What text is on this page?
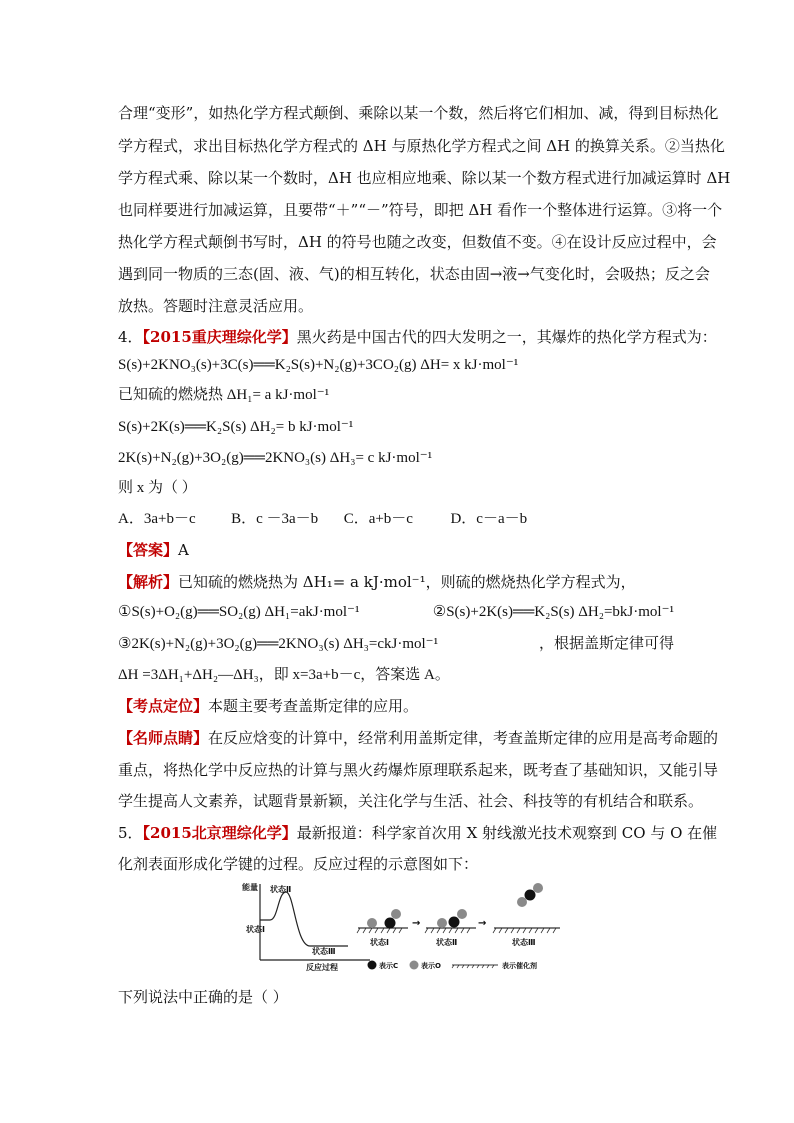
合理“变形”，如热化学方程式颠倒、乘除以某一个数，然后将它们相加、减，得到目标热化
学方程式，求出目标热化学方程式的 ΔH 与原热化学方程式之间 ΔH 的换算关系。②当热化
学方程式乘、除以某一个数时，ΔH 也应相应地乘、除以某一个数方程式进行加减运算时 ΔH
也同样要进行加减运算，且要带“＋”“－”符号，即把 ΔH 看作一个整体进行运算。③将一个
热化学方程式颠倒书写时，ΔH 的符号也随之改变，但数值不变。④在设计反应过程中，会
遇到同一物质的三态(固、液、气)的相互转化，状态由固→液→气变化时，会吸热；反之会
放热。答题时注意灵活应用。
4．【2015重庆理综化学】黑火药是中国古代的四大发明之一，其爆炸的热化学方程式为：
S(s)+2KNO₃(s)+3C(s)══K₂S(s)+N₂(g)+3CO₂(g) ΔH= x kJ·mol⁻¹
已知硫的燃烧热 ΔH₁= a kJ·mol⁻¹
S(s)+2K(s)══K₂S(s) ΔH₂= b kJ·mol⁻¹
2K(s)+N₂(g)+3O₂(g)══2KNO₃(s) ΔH₃= c kJ·mol⁻¹
则 x 为（ ）
A．3a+b－c B．c －3a－b C．a+b－c	D．c－a－b
【答案】A
【解析】已知硫的燃烧热为 ΔH₁= a kJ·mol⁻¹，则硫的燃烧热化学方程式为，
①S(s)+O₂(g)══SO₂(g) ΔH₁=akJ·mol⁻¹	②S(s)+2K(s)══K₂S(s) ΔH₂=bkJ·mol⁻¹
③2K(s)+N₂(g)+3O₂(g)══2KNO₃(s) ΔH₃=ckJ·mol⁻¹	，根据盖斯定律可得
ΔH =3ΔH₁+ΔH₂—ΔH₃，即 x=3a+b－c，答案选 A。
【考点定位】本题主要考查盖斯定律的应用。
【名师点睛】在反应焓变的计算中，经常利用盖斯定律，考查盖斯定律的应用是高考命题的
重点，将热化学中反应热的计算与黑火药爆炸原理联系起来，既考查了基础知识，又能引导
学生提高人文素养，试题背景新颖，关注化学与生活、社会、科技等的有机结合和联系。
5．【2015北京理综化学】最新报道：科学家首次用 X 射线激光技术观察到 CO 与 O 在催
化剂表面形成化学键的过程。反应过程的示意图如下：
能量 状态Ⅱ
状态Ⅰ
状态Ⅲ
反应过程
状态Ⅰ
→
状态Ⅱ
→
状态Ⅲ
表示C	表示O	表示催化剂
下列说法中正确的是（ ）
